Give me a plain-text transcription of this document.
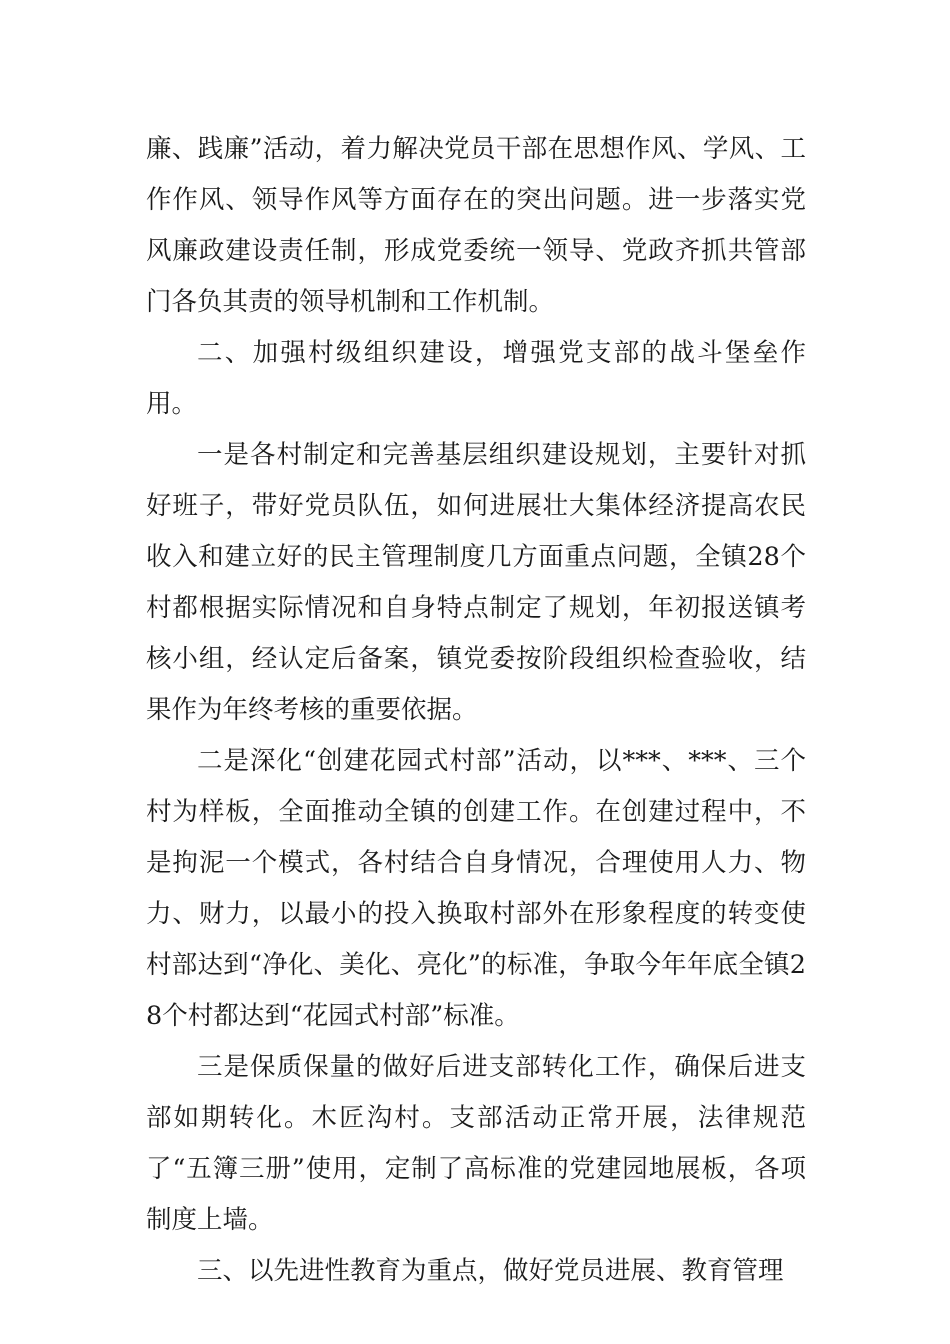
廉、践廉”活动，着力解决党员干部在思想作风、学风、工作作风、领导作风等方面存在的突出问题。进一步落实党风廉政建设责任制，形成党委统一领导、党政齐抓共管部门各负其责的领导机制和工作机制。

二、加强村级组织建设，增强党支部的战斗堡垒作用。

一是各村制定和完善基层组织建设规划，主要针对抓好班子，带好党员队伍，如何进展壮大集体经济提高农民收入和建立好的民主管理制度几方面重点问题，全镇28个村都根据实际情况和自身特点制定了规划，年初报送镇考核小组，经认定后备案，镇党委按阶段组织检查验收，结果作为年终考核的重要依据。

二是深化“创建花园式村部”活动，以***、***、三个村为样板，全面推动全镇的创建工作。在创建过程中，不是拘泥一个模式，各村结合自身情况，合理使用人力、物力、财力，以最小的投入换取村部外在形象程度的转变使村部达到“净化、美化、亮化”的标准，争取今年年底全镇28个村都达到“花园式村部”标准。

三是保质保量的做好后进支部转化工作，确保后进支部如期转化。木匠沟村。支部活动正常开展，法律规范了“五簿三册”使用，定制了高标准的党建园地展板，各项制度上墙。

三、以先进性教育为重点，做好党员进展、教育管理
